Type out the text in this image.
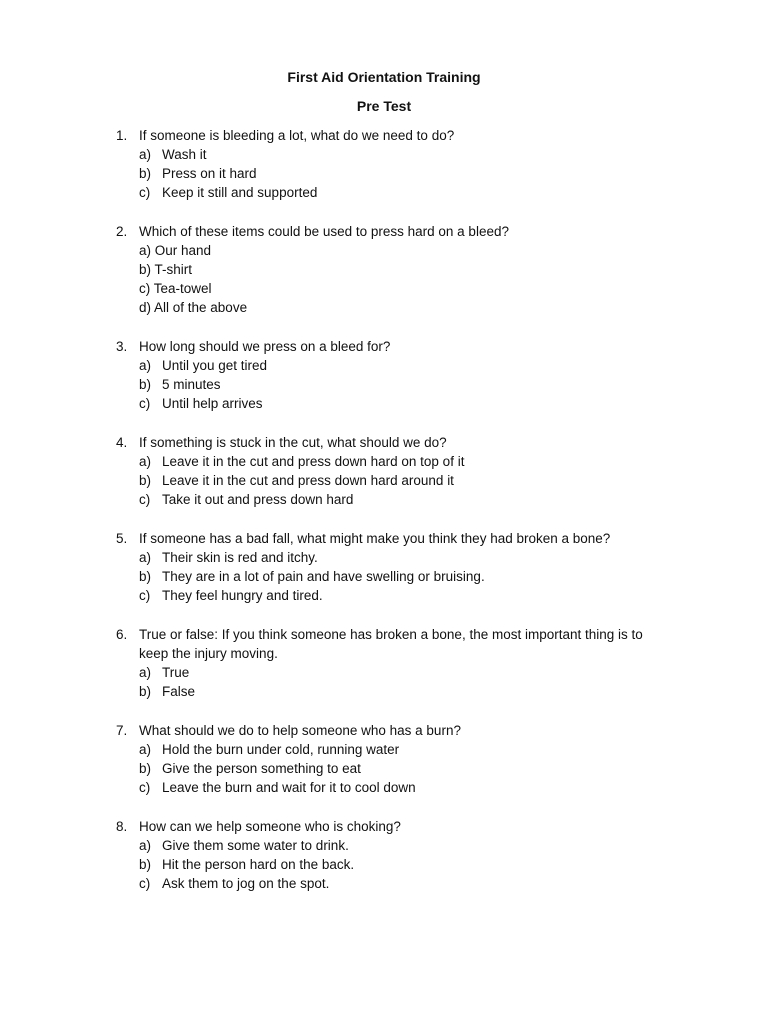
First Aid Orientation Training
Pre Test
1. If someone is bleeding a lot, what do we need to do?
a) Wash it
b) Press on it hard
c) Keep it still and supported
2. Which of these items could be used to press hard on a bleed?
a) Our hand
b) T-shirt
c) Tea-towel
d) All of the above
3. How long should we press on a bleed for?
a) Until you get tired
b) 5 minutes
c) Until help arrives
4. If something is stuck in the cut, what should we do?
a) Leave it in the cut and press down hard on top of it
b) Leave it in the cut and press down hard around it
c) Take it out and press down hard
5. If someone has a bad fall, what might make you think they had broken a bone?
a) Their skin is red and itchy.
b) They are in a lot of pain and have swelling or bruising.
c) They feel hungry and tired.
6. True or false: If you think someone has broken a bone, the most important thing is to
keep the injury moving.
a) True
b) False
7. What should we do to help someone who has a burn?
a) Hold the burn under cold, running water
b) Give the person something to eat
c) Leave the burn and wait for it to cool down
8. How can we help someone who is choking?
a) Give them some water to drink.
b) Hit the person hard on the back.
c) Ask them to jog on the spot.
